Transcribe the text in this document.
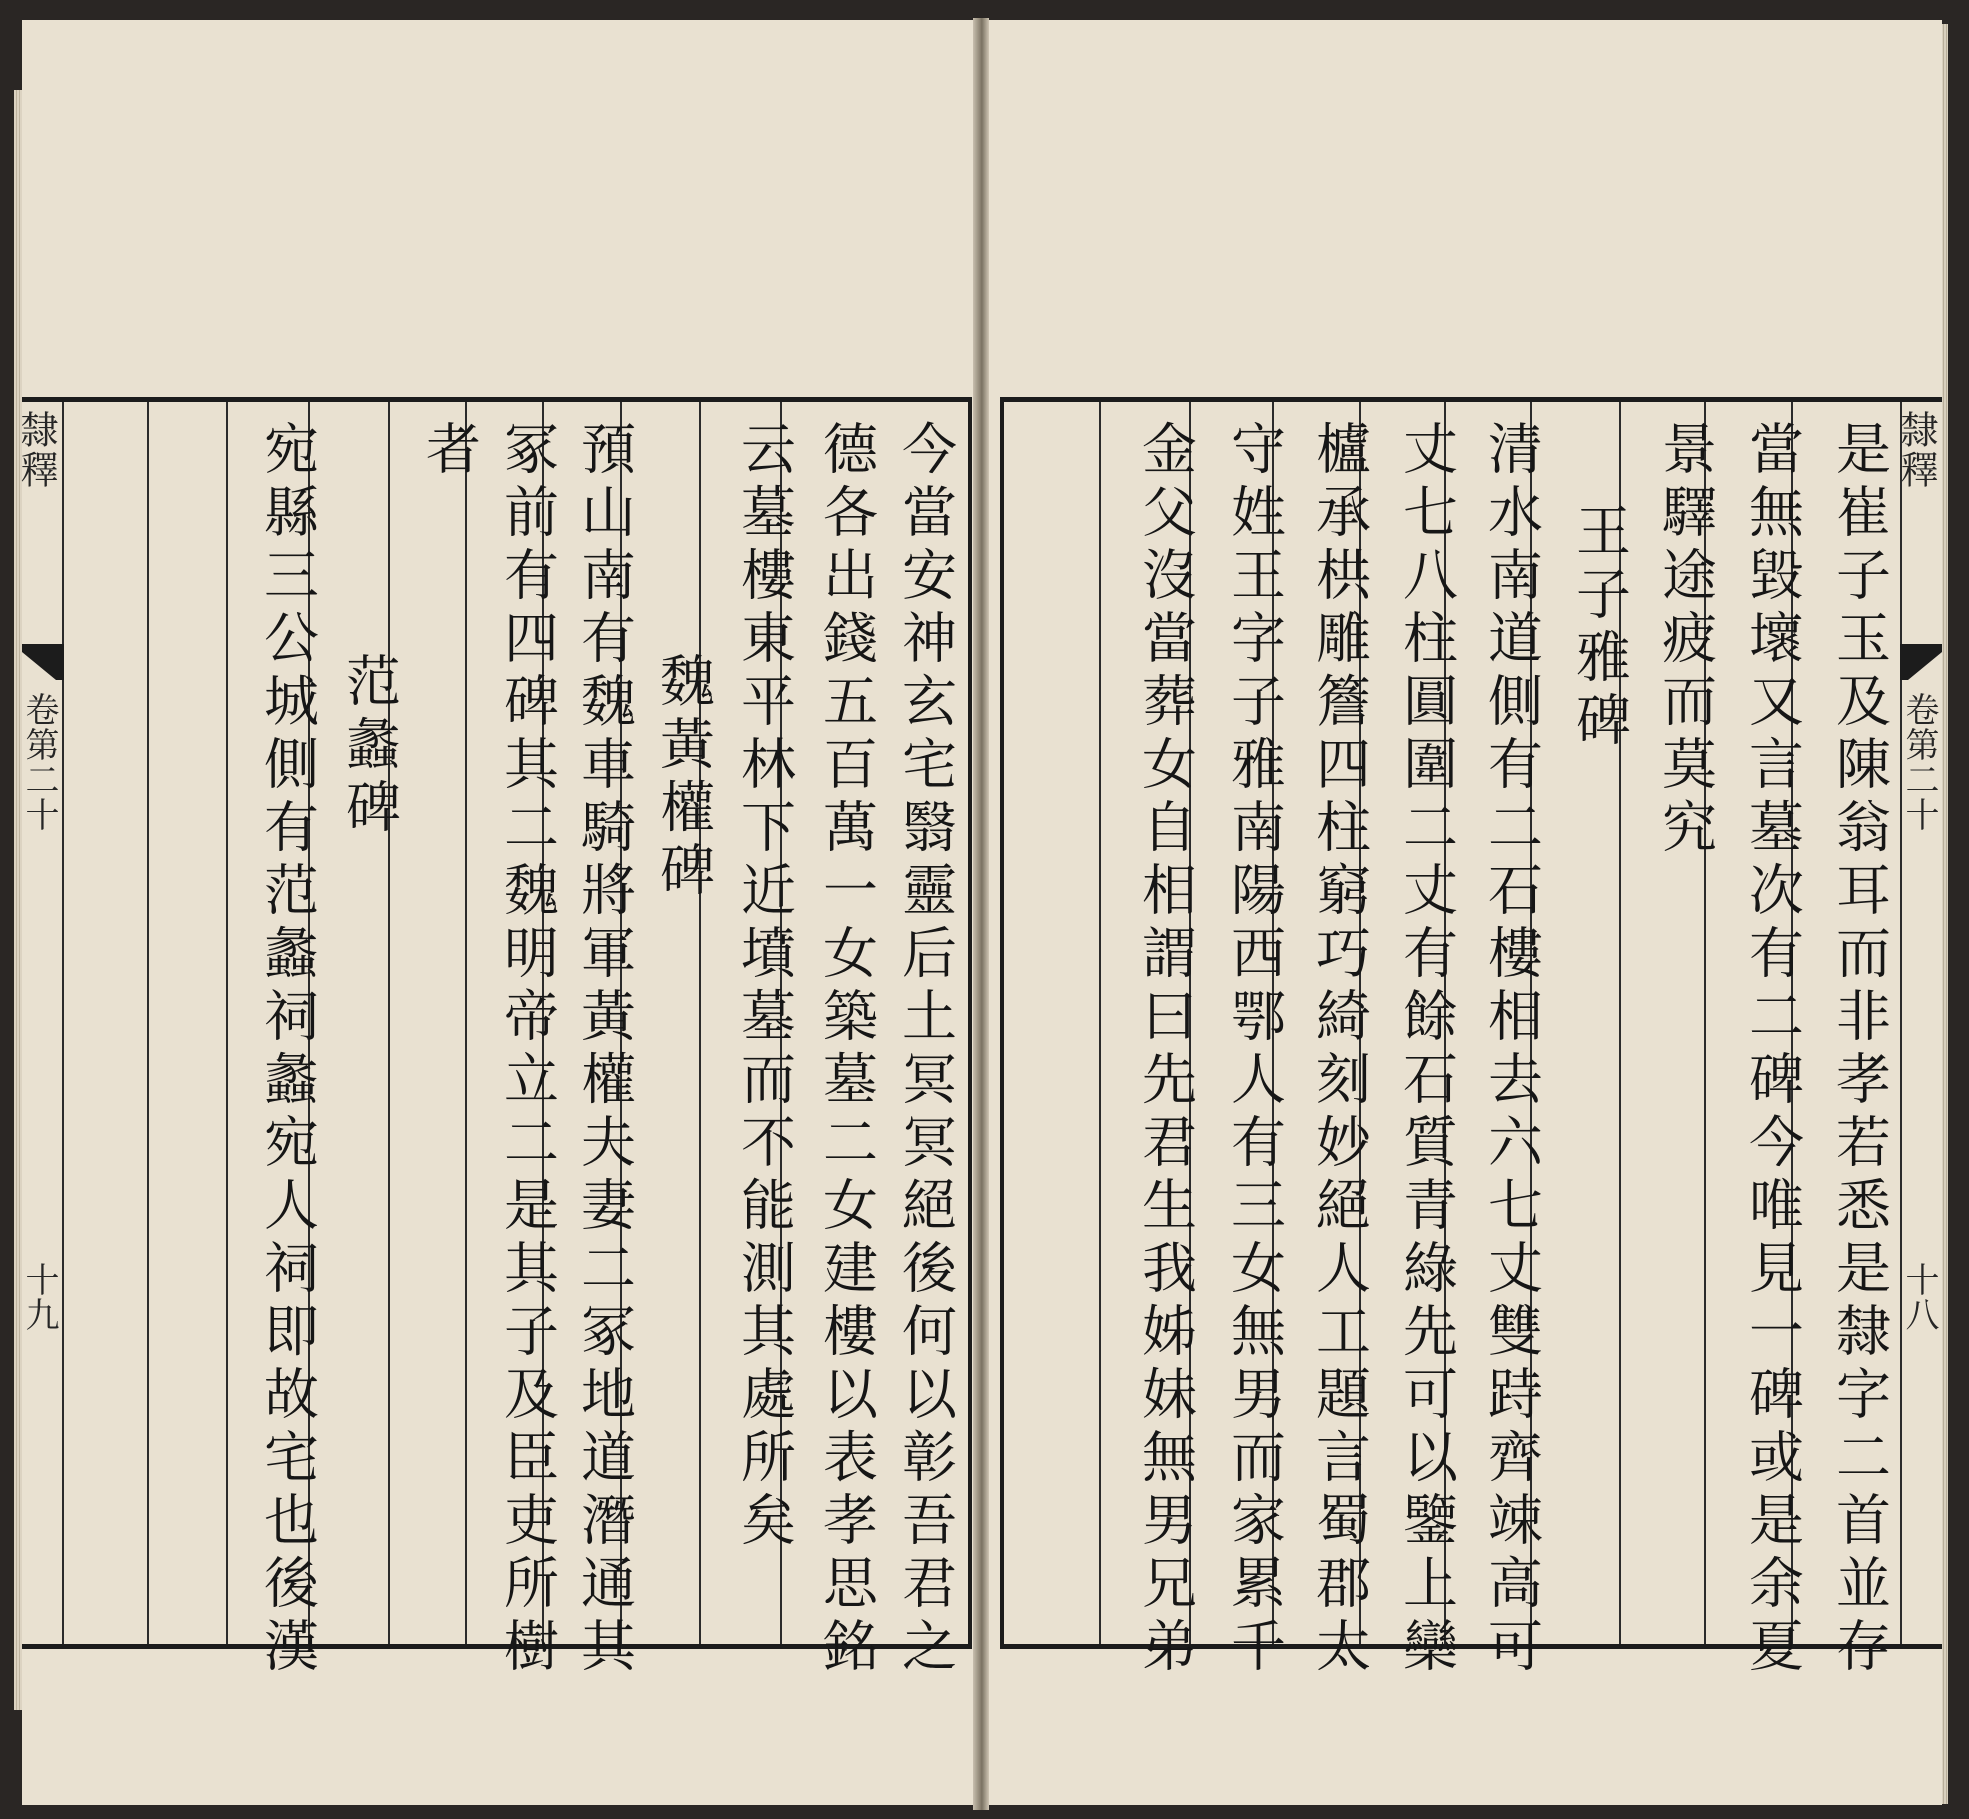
隸釋
卷第二十
十九	今當安神玄宅翳靈后土冥冥絕後何以彰吾君之
德各出錢五百萬一女築墓二女建樓以表孝思銘
云墓樓東平林下近墳墓而不能測其處所矣
魏黃權碑
預山南有魏車騎將軍黃權夫妻二冢地道潛通其
冢前有四碑其二魏明帝立二是其子及臣吏所樹
者
范蠡碑
宛縣三公城側有范蠡祠蠡宛人祠即故宅也後漢	隸釋
卷第二十
十八
是崔子玉及陳翁耳而非孝若悉是隸字二首並存
當無毀壞又言墓次有二碑今唯見一碑或是余夏
景驛途疲而莫究
王子雅碑
清水南道側有二石樓相去六七丈雙跱齊竦高可
丈七八柱圓圍二丈有餘石質青綠先可以鑒上欒
櫨承栱雕簷四柱窮巧綺刻妙絕人工題言蜀郡太
守姓王字子雅南陽西鄂人有三女無男而家累千
金父沒當葬女自相謂曰先君生我姊妹無男兄弟
